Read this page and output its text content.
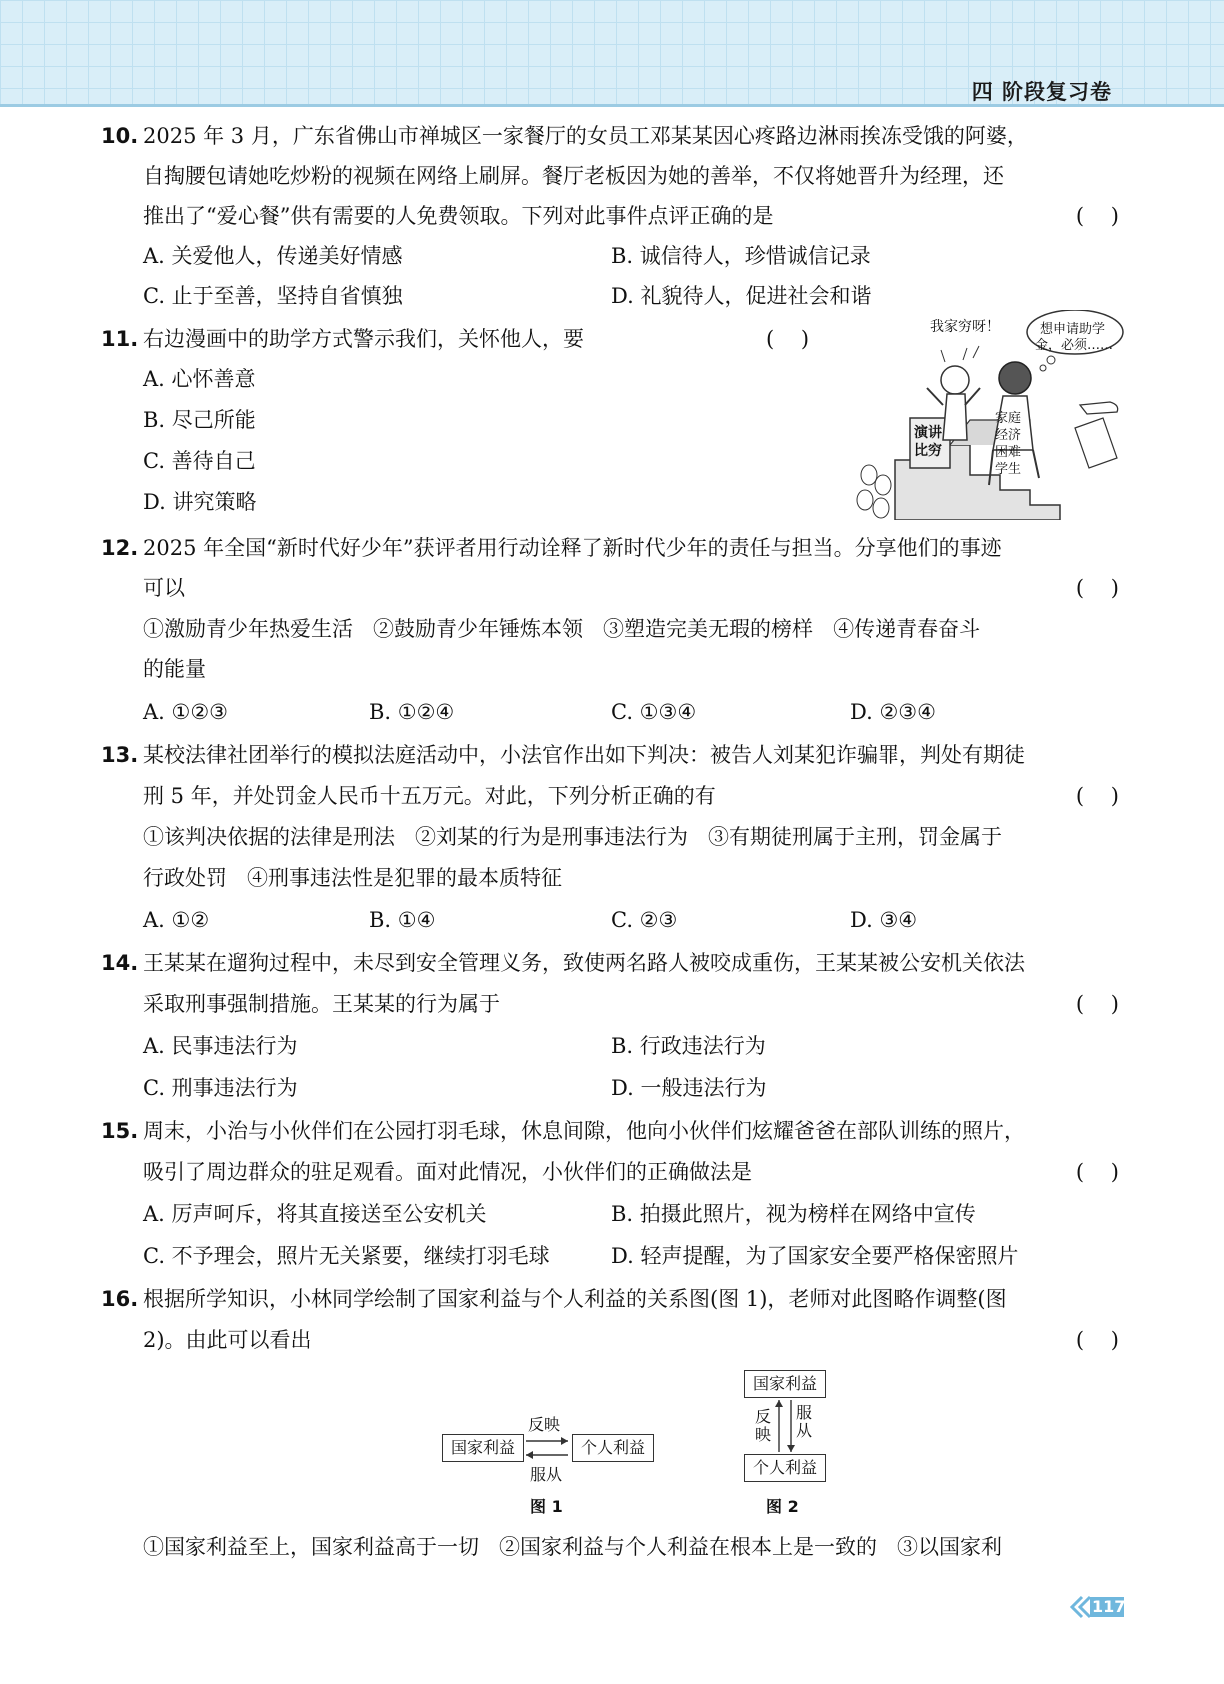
四 阶段复习卷
10. 2025 年 3 月，广东省佛山市禅城区一家餐厅的女员工邓某某因心疼路边淋雨挨冻受饿的阿婆，
自掏腰包请她吃炒粉的视频在网络上刷屏。餐厅老板因为她的善举，不仅将她晋升为经理，还
推出了“爱心餐”供有需要的人免费领取。下列对此事件点评正确的是	(    )
A. 关爱他人，传递美好情感	B. 诚信待人，珍惜诚信记录
C. 止于至善，坚持自省慎独	D. 礼貌待人，促进社会和谐
11. 右边漫画中的助学方式警示我们，关怀他人，要	(    )
A. 心怀善意
B. 尽己所能
C. 善待自己
D. 讲究策略
我家穷呀！	想申请助学
金，必须……
演讲
比穷
家庭
经济
困难
学生
12. 2025 年全国“新时代好少年”获评者用行动诠释了新时代少年的责任与担当。分享他们的事迹
可以	(    )
①激励青少年热爱生活   ②鼓励青少年锤炼本领   ③塑造完美无瑕的榜样   ④传递青春奋斗
的能量
A. ①②③	B. ①②④	C. ①③④	D. ②③④
13. 某校法律社团举行的模拟法庭活动中，小法官作出如下判决：被告人刘某犯诈骗罪，判处有期徒
刑 5 年，并处罚金人民币十五万元。对此，下列分析正确的有	(    )
①该判决依据的法律是刑法   ②刘某的行为是刑事违法行为   ③有期徒刑属于主刑，罚金属于
行政处罚   ④刑事违法性是犯罪的最本质特征
A. ①②	B. ①④	C. ②③	D. ③④
14. 王某某在遛狗过程中，未尽到安全管理义务，致使两名路人被咬成重伤，王某某被公安机关依法
采取刑事强制措施。王某某的行为属于	(    )
A. 民事违法行为	B. 行政违法行为
C. 刑事违法行为	D. 一般违法行为
15. 周末，小治与小伙伴们在公园打羽毛球，休息间隙，他向小伙伴们炫耀爸爸在部队训练的照片，
吸引了周边群众的驻足观看。面对此情况，小伙伴们的正确做法是	(    )
A. 厉声呵斥，将其直接送至公安机关	B. 拍摄此照片，视为榜样在网络中宣传
C. 不予理会，照片无关紧要，继续打羽毛球	D. 轻声提醒，为了国家安全要严格保密照片
16. 根据所学知识，小林同学绘制了国家利益与个人利益的关系图(图 1)，老师对此图略作调整(图
2)。由此可以看出	(    )
国家利益	个人利益
反映
服从
图 1
国家利益
个人利益
反映
服从
图 2
①国家利益至上，国家利益高于一切   ②国家利益与个人利益在根本上是一致的   ③以国家利
117
